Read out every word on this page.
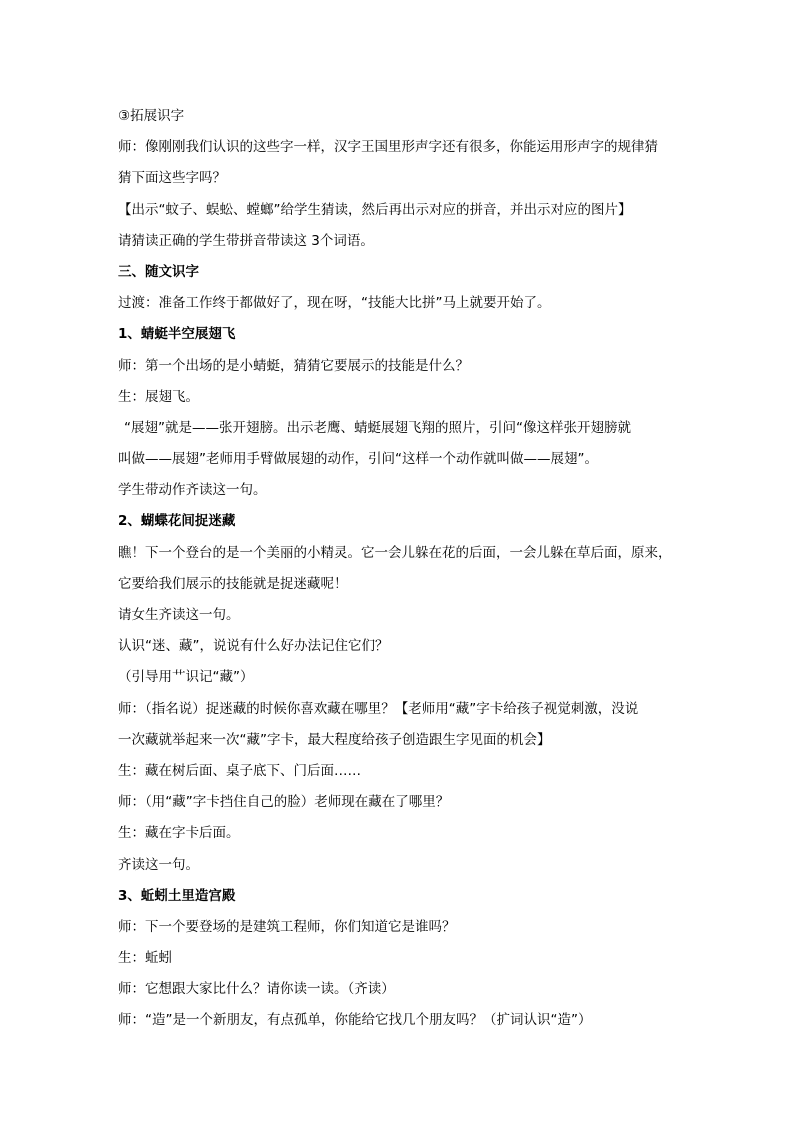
③拓展识字
师：像刚刚我们认识的这些字一样，汉字王国里形声字还有很多，你能运用形声字的规律猜
猜下面这些字吗？
【出示“蚊子、蜈蚣、螳螂”给学生猜读，然后再出示对应的拼音，并出示对应的图片】
请猜读正确的学生带拼音带读这 3个词语。
三、随文识字
过渡：准备工作终于都做好了，现在呀，“技能大比拼”马上就要开始了。
1、蜻蜓半空展翅飞
师：第一个出场的是小蜻蜓，猜猜它要展示的技能是什么？
生：展翅飞。
“展翅”就是——张开翅膀。出示老鹰、蜻蜓展翅飞翔的照片，引问“像这样张开翅膀就
叫做——展翅”老师用手臂做展翅的动作，引问“这样一个动作就叫做——展翅”。
学生带动作齐读这一句。
2、蝴蝶花间捉迷藏
瞧！下一个登台的是一个美丽的小精灵。它一会儿躲在花的后面，一会儿躲在草后面，原来，
它要给我们展示的技能就是捉迷藏呢！
请女生齐读这一句。
认识“迷、藏”，说说有什么好办法记住它们？
（引导用艹识记“藏”）
师：（指名说）捉迷藏的时候你喜欢藏在哪里？【老师用“藏”字卡给孩子视觉刺激，没说
一次藏就举起来一次“藏”字卡，最大程度给孩子创造跟生字见面的机会】
生：藏在树后面、桌子底下、门后面……
师：（用“藏”字卡挡住自己的脸）老师现在藏在了哪里？
生：藏在字卡后面。
齐读这一句。
3、蚯蚓土里造宫殿
师：下一个要登场的是建筑工程师，你们知道它是谁吗？
生：蚯蚓
师：它想跟大家比什么？请你读一读。（齐读）
师：“造”是一个新朋友，有点孤单，你能给它找几个朋友吗？（扩词认识“造”）
